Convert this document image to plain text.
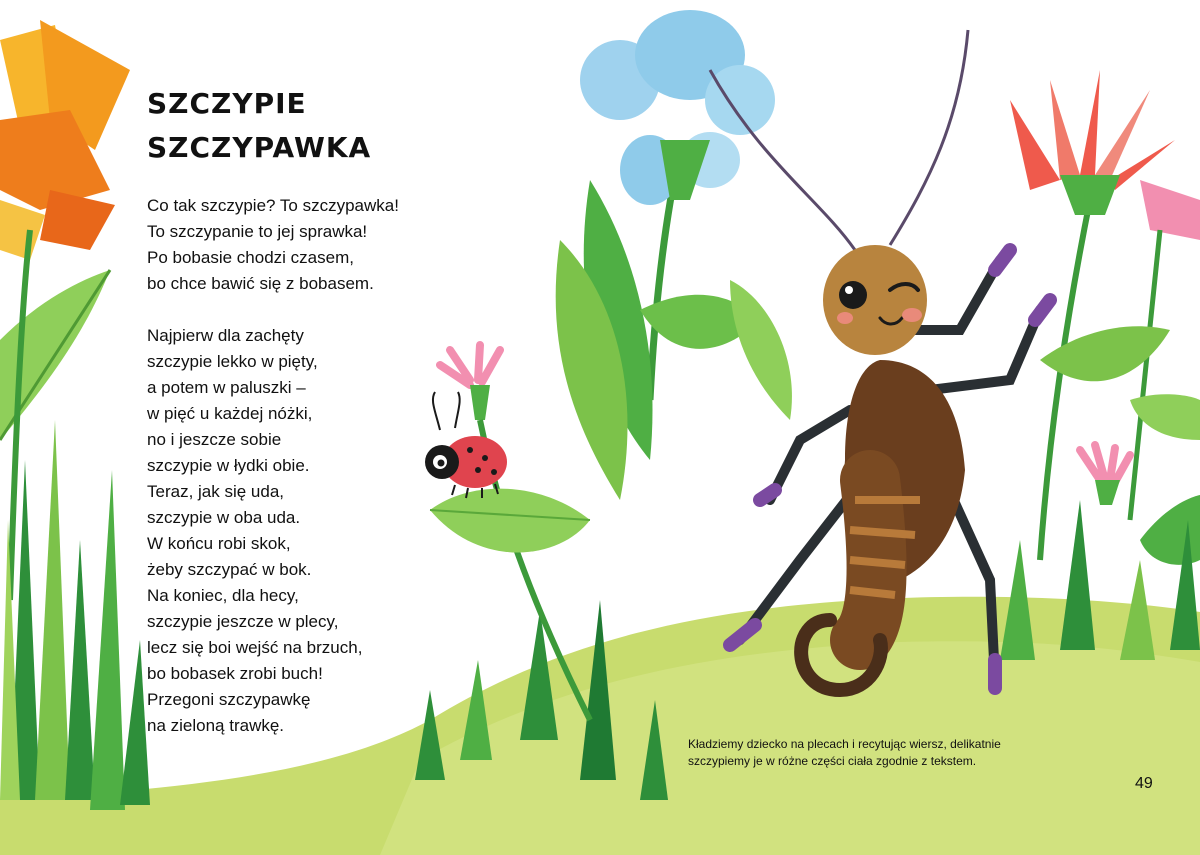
SZCZYPIE
SZCZYPAWKA

Co tak szczypie? To szczypawka!
To szczypanie to jej sprawka!
Po bobasie chodzi czasem,
bo chce bawić się z bobasem.

Najpierw dla zachęty
szczypie lekko w pięty,
a potem w paluszki –
w pięć u każdej nóżki,
no i jeszcze sobie
szczypie w łydki obie.
Teraz, jak się uda,
szczypie w oba uda.
W końcu robi skok,
żeby szczypać w bok.
Na koniec, dla hecy,
szczypie jeszcze w plecy,
lecz się boi wejść na brzuch,
bo bobasek zrobi buch!
Przegoni szczypawkę
na zieloną trawkę.

Kładziemy dziecko na plecach i recytując wiersz, delikatnie szczypiemy je w różne części ciała zgodnie z tekstem.
49
